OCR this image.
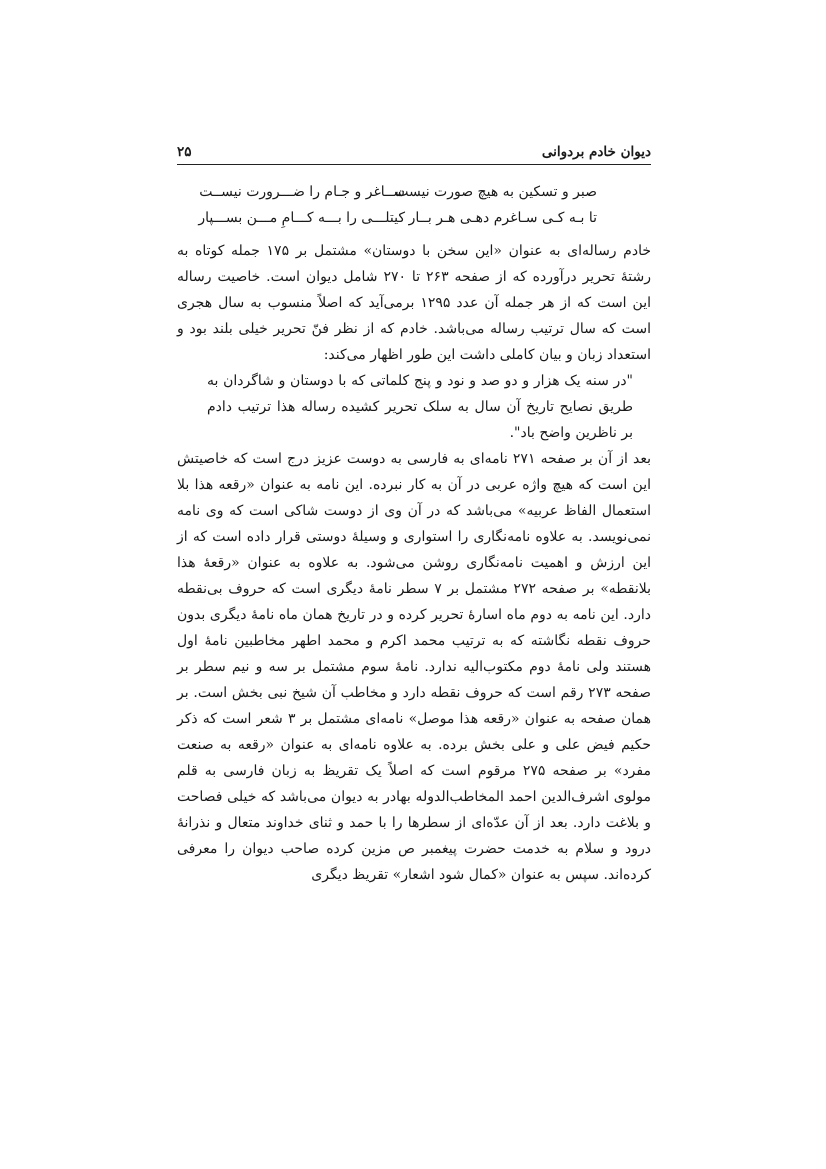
دیوان خادم بردوانی
۲۵
صبر و تسکین به هیچ صورت نیست
ســاغر و جـام را ضـــرورت نیســت
تا بـه کـی سـاغرم دهـی هـر بــار
کیتلـــی را بـــه کـــامِ مـــن بســـپار

خادم رساله‌ای به عنوان «این سخن با دوستان» مشتمل بر ۱۷۵ جمله کوتاه به رشتۀ تحریر درآورده که از صفحه ۲۶۳ تا ۲۷۰ شامل دیوان است. خاصیت رساله این است که از هر جمله آن عدد ۱۲۹۵ برمی‌آید که اصلاً منسوب به سال هجری است که سال ترتیب رساله می‌باشد. خادم که از نظر فنّ تحریر خیلی بلند بود و استعداد زبان و بیان کاملی داشت این طور اظهار می‌کند:

"در سنه یک هزار و دو صد و نود و پنج کلماتی که با دوستان و شاگردان به طریق نصایح تاریخ آن سال به سلک تحریر کشیده رساله هذا ترتیب دادم بر ناظرین واضح باد".

بعد از آن بر صفحه ۲۷۱ نامه‌ای به فارسی به دوست عزیز درج است که خاصیتش این است که هیچ واژه عربی در آن به کار نبرده. این نامه به عنوان «رقعه هذا بلا استعمال الفاظ عربیه» می‌باشد که در آن وی از دوست شاکی است که وی نامه نمی‌نویسد. به علاوه نامه‌نگاری را استواری و وسیلۀ دوستی قرار داده است که از این ارزش و اهمیت نامه‌نگاری روشن می‌شود. به علاوه به عنوان «رقعۀ هذا بلانقطه» بر صفحه ۲۷۲ مشتمل بر ۷ سطر نامۀ دیگری است که حروف بی‌نقطه دارد. این نامه به دوم ماه اسارهٔ تحریر کرده و در تاریخ همان ماه نامۀ دیگری بدون حروف نقطه نگاشته که به ترتیب محمد اکرم و محمد اطهر مخاطبین نامۀ اول هستند ولی نامۀ دوم مکتوب‌الیه ندارد. نامۀ سوم مشتمل بر سه و نیم سطر بر صفحه ۲۷۳ رقم است که حروف نقطه دارد و مخاطب آن شیخ نبی بخش است. بر همان صفحه به عنوان «رقعه هذا موصل» نامه‌ای مشتمل بر ۳ شعر است که ذکر حکیم فیض علی و علی بخش برده. به علاوه نامه‌ای به عنوان «رقعه به صنعت مفرد» بر صفحه ۲۷۵ مرقوم است که اصلاً یک تقریظ به زبان فارسی به قلم مولوی اشرف‌الدین احمد المخاطب‌الدوله بهادر به دیوان می‌باشد که خیلی فصاحت و بلاغت دارد. بعد از آن عدّه‌ای از سطرها را با حمد و ثنای خداوند متعال و نذرانۀ درود و سلام به خدمت حضرت پیغمبر ص مزین کرده صاحب دیوان را معرفی کرده‌اند. سپس به عنوان «کمال شود اشعار» تقریظ دیگری
